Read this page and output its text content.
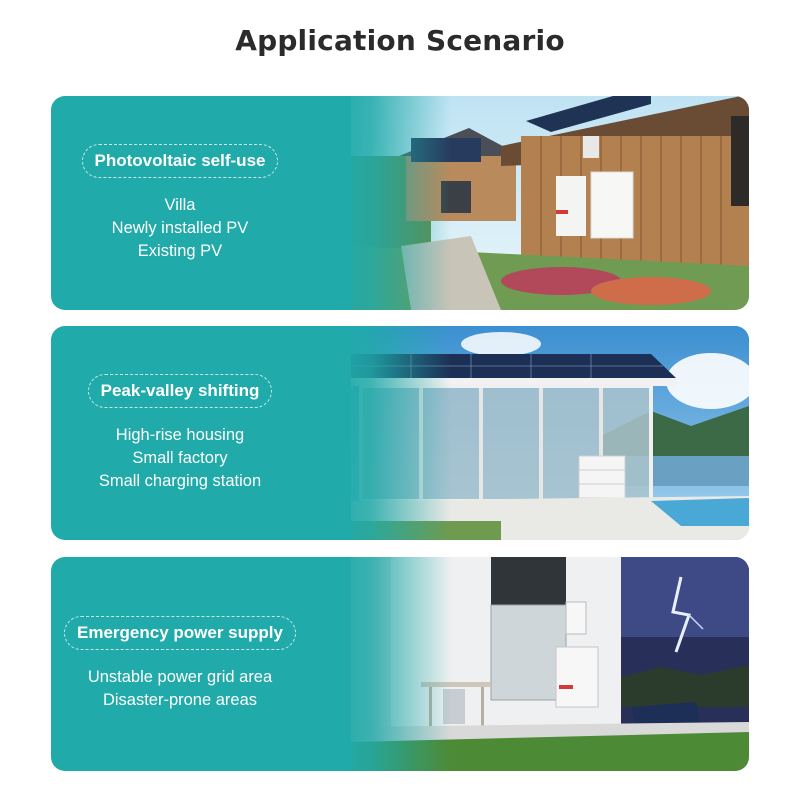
Application Scenario
Photovoltaic self-use
Villa
Newly installed PV
Existing PV
Peak-valley shifting
High-rise housing
Small factory
Small charging station
Emergency power supply
Unstable power grid area
Disaster-prone areas
